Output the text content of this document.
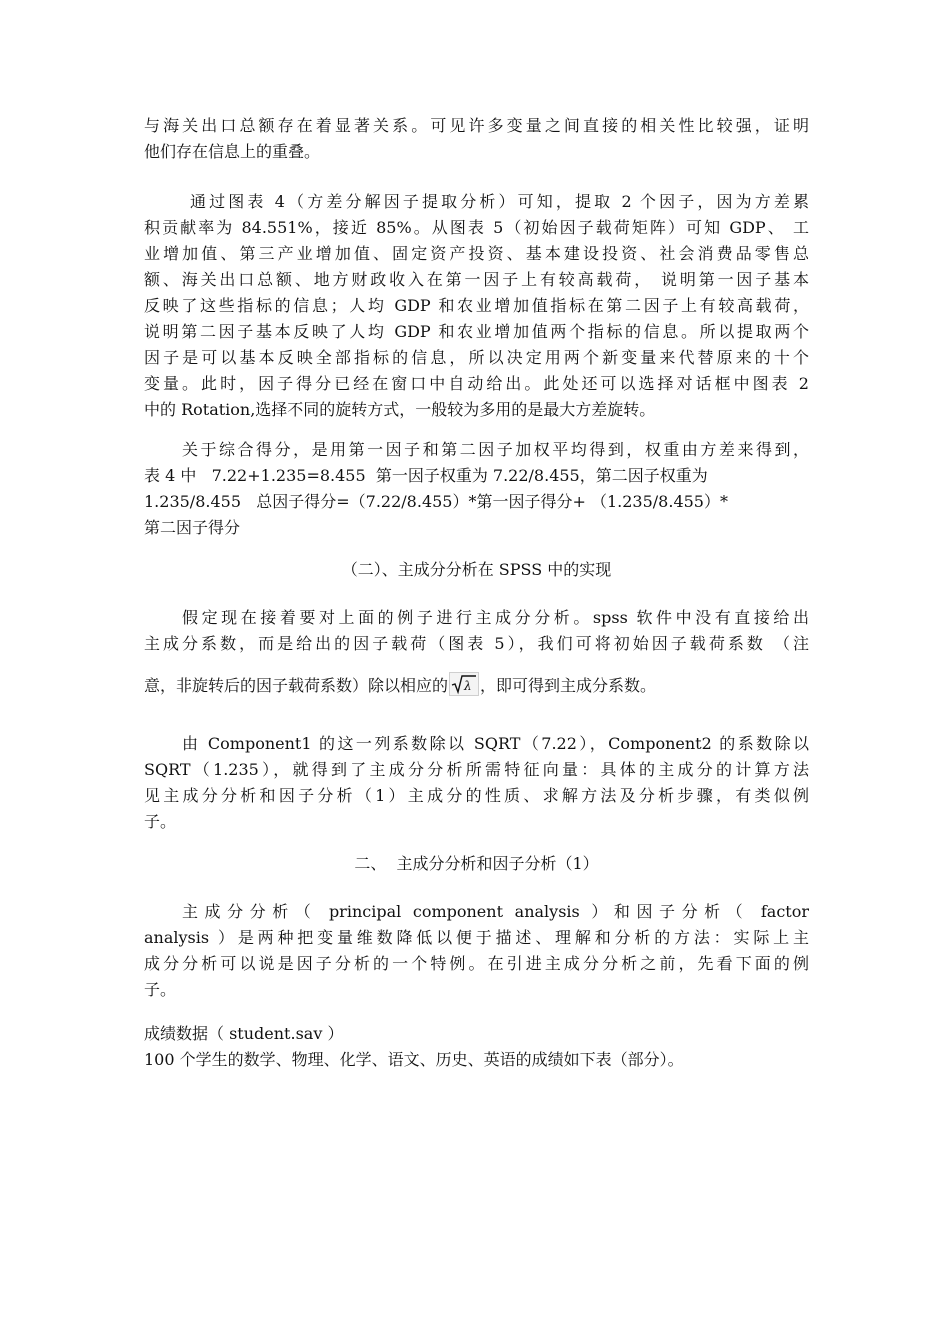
与海关出口总额存在着显著关系。可见许多变量之间直接的相关性比较强，证明
他们存在信息上的重叠。
通过图表 4（方差分解因子提取分析）可知，提取 2 个因子，因为方差累
积贡献率为 84.551%，接近 85%。从图表 5（初始因子载荷矩阵）可知 GDP、 工
业增加值、第三产业增加值、固定资产投资、基本建设投资、社会消费品零售总
额、海关出口总额、地方财政收入在第一因子上有较高载荷， 说明第一因子基本
反映了这些指标的信息；人均 GDP 和农业增加值指标在第二因子上有较高载荷，
说明第二因子基本反映了人均 GDP 和农业增加值两个指标的信息。所以提取两个
因子是可以基本反映全部指标的信息，所以决定用两个新变量来代替原来的十个
变量。此时，因子得分已经在窗口中自动给出。此处还可以选择对话框中图表 2
中的 Rotation,选择不同的旋转方式，一般较为多用的是最大方差旋转。
关于综合得分，是用第一因子和第二因子加权平均得到，权重由方差来得到，
表 4 中   7.22+1.235=8.455  第一因子权重为 7.22/8.455，第二因子权重为
1.235/8.455   总因子得分=（7.22/8.455）*第一因子得分+ （1.235/8.455）*
第二因子得分
（二）、主成分分析在 SPSS 中的实现
假定现在接着要对上面的例子进行主成分分析。spss 软件中没有直接给出
主成分系数，而是给出的因子载荷（图表 5），我们可将初始因子载荷系数 （注
意，非旋转后的因子载荷系数）除以相应的 λ ，即可得到主成分系数。
由 Component1 的这一列系数除以 SQRT（7.22），Component2 的系数除以
SQRT（1.235），就得到了主成分分析所需特征向量：具体的主成分的计算方法
见主成分分析和因子分析（1）主成分的性质、求解方法及分析步骤，有类似例
子。
二、  主成分分析和因子分析（1）
主成分分析（ principal component analysis ）和因子分析（ factor
analysis ）是两种把变量维数降低以便于描述、理解和分析的方法：实际上主
成分分析可以说是因子分析的一个特例。在引进主成分分析之前，先看下面的例
子。
成绩数据（ student.sav ）
100 个学生的数学、物理、化学、语文、历史、英语的成绩如下表（部分）。
